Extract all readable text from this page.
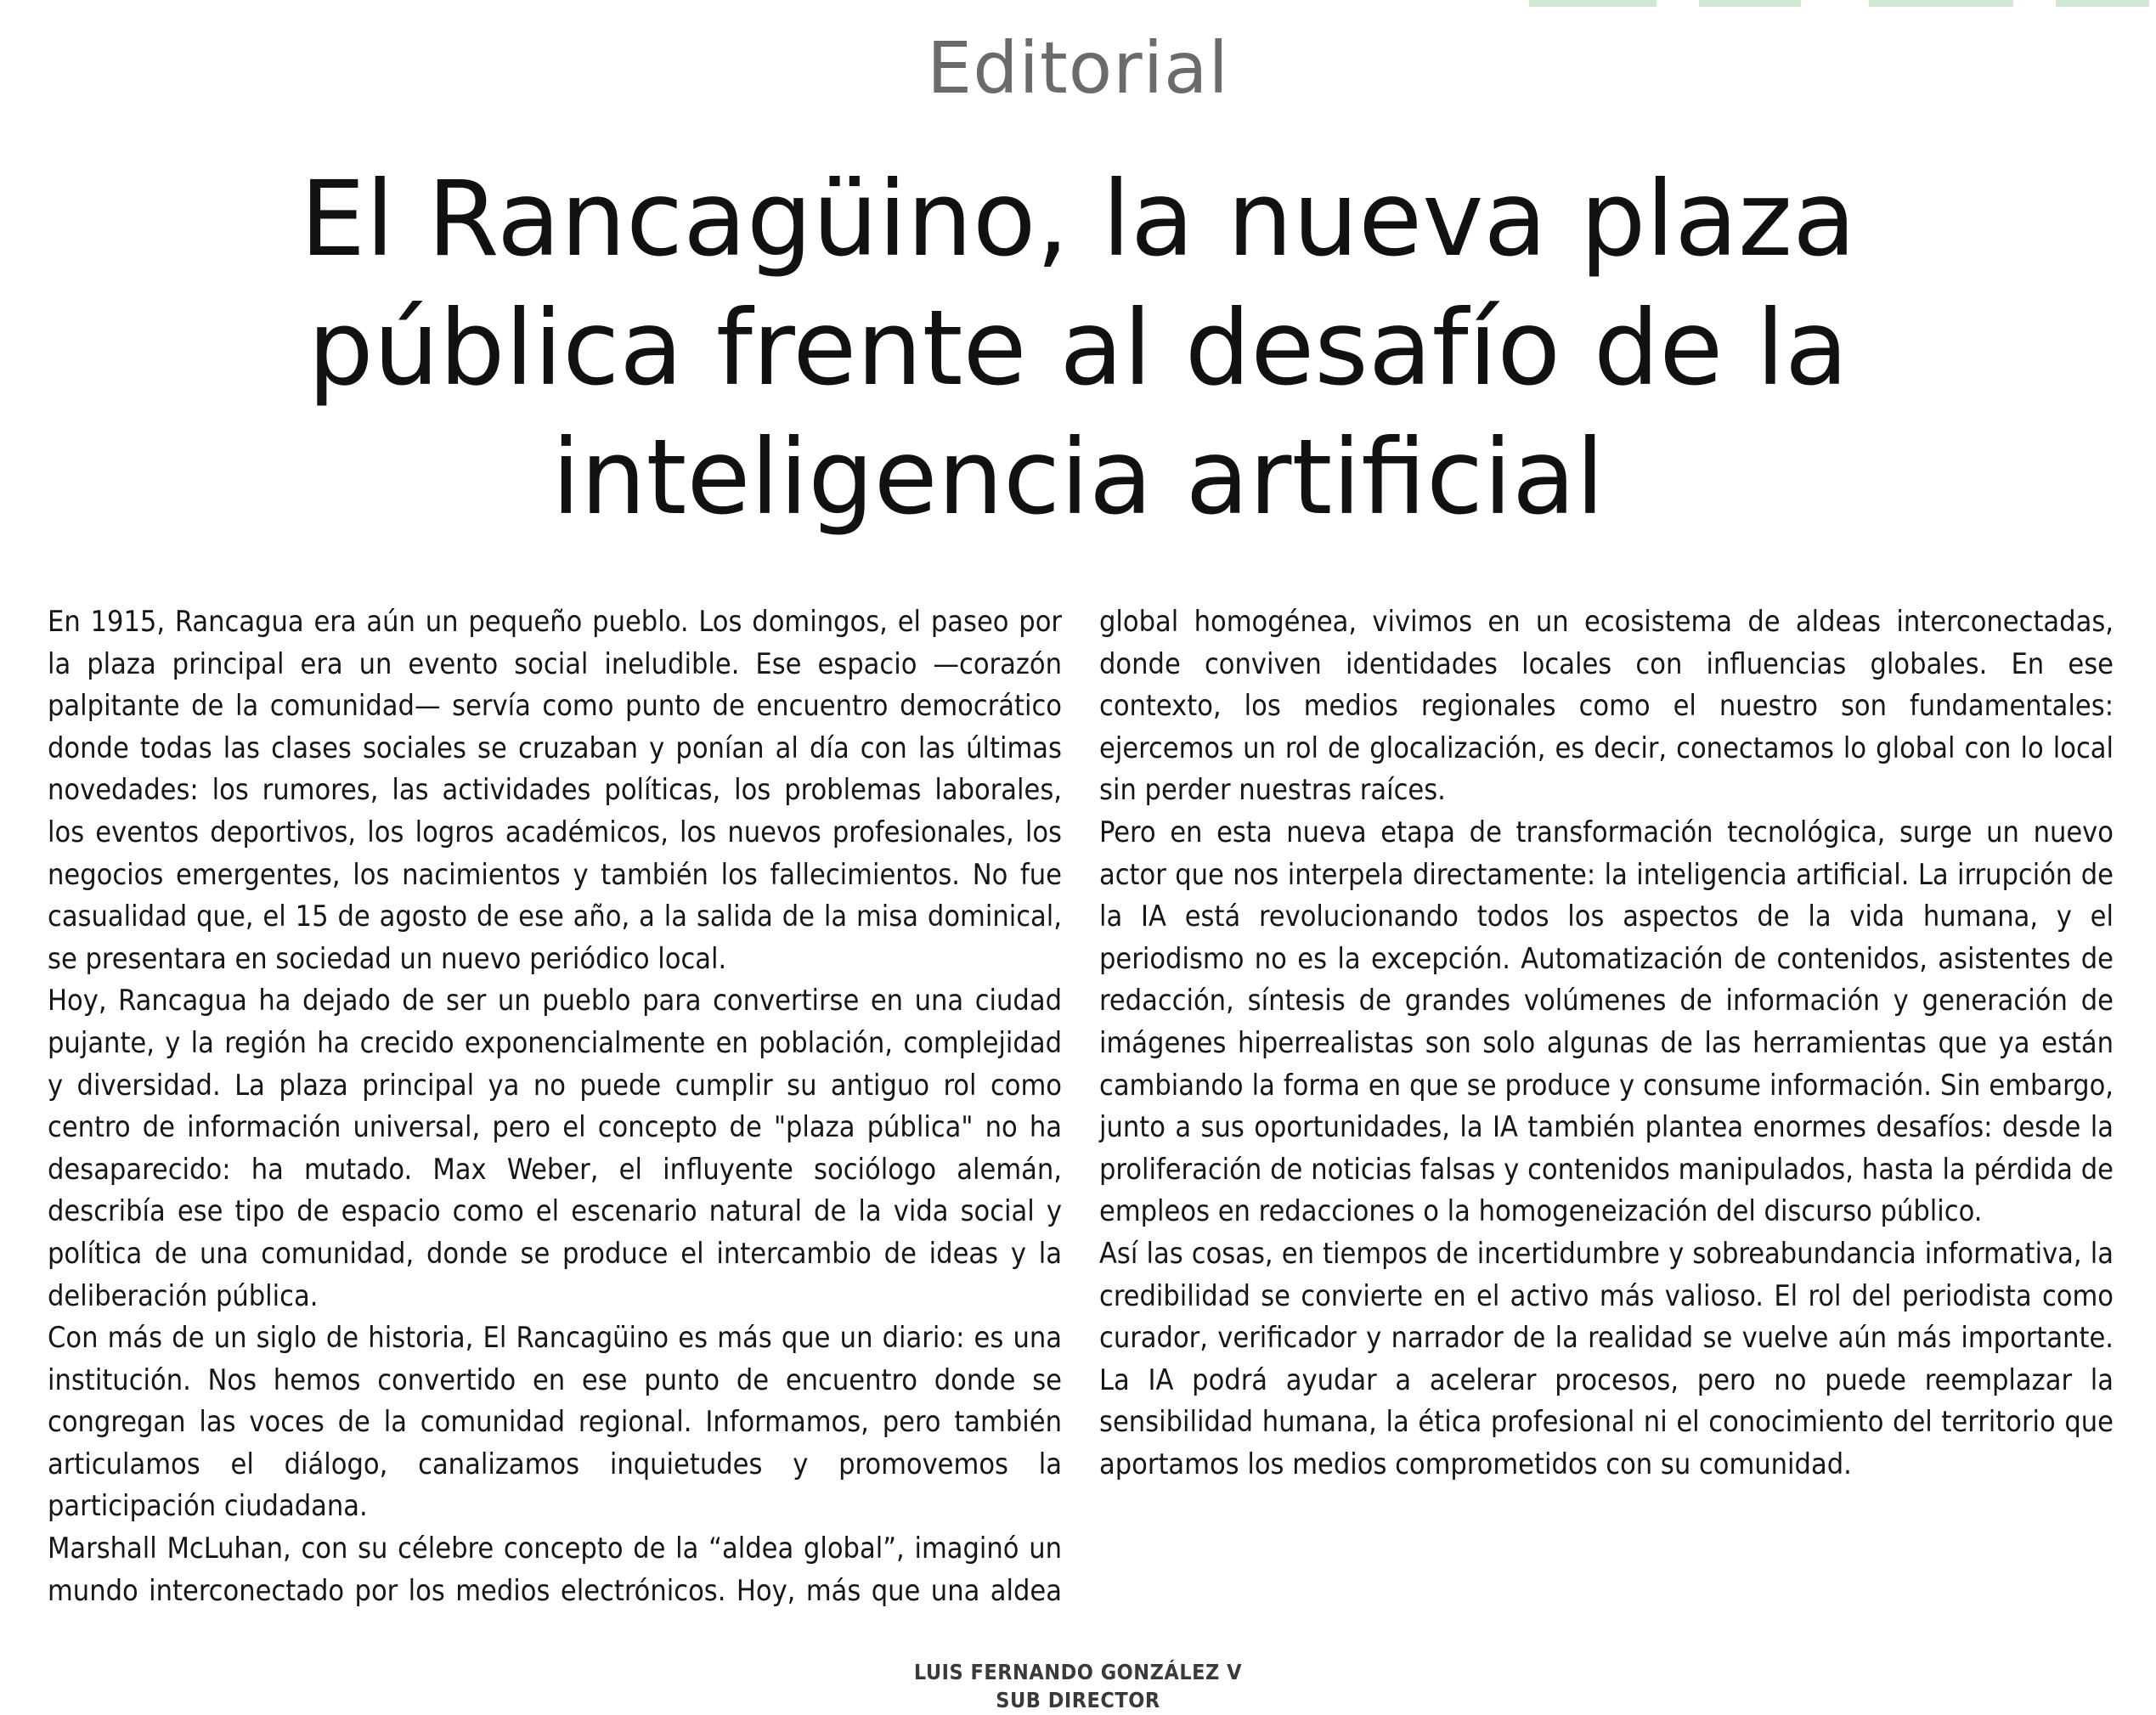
Editorial
El Rancagüino, la nueva plaza pública frente al desafío de la inteligencia artificial

En 1915, Rancagua era aún un pequeño pueblo. Los domingos, el paseo por la plaza principal era un evento social ineludible. Ese espacio —corazón palpitante de la comunidad— servía como punto de encuentro democrático donde todas las clases sociales se cruzaban y ponían al día con las últimas novedades: los rumores, las actividades políticas, los problemas laborales, los eventos deportivos, los logros académicos, los nuevos profesionales, los negocios emergentes, los nacimientos y también los fallecimientos. No fue casualidad que, el 15 de agosto de ese año, a la salida de la misa dominical, se presentara en sociedad un nuevo periódico local.

Hoy, Rancagua ha dejado de ser un pueblo para convertirse en una ciudad pujante, y la región ha crecido exponencialmente en población, complejidad y diversidad. La plaza principal ya no puede cumplir su antiguo rol como centro de información universal, pero el concepto de "plaza pública" no ha desaparecido: ha mutado. Max Weber, el influyente sociólogo alemán, describía ese tipo de espacio como el escenario natural de la vida social y política de una comunidad, donde se produce el intercambio de ideas y la deliberación pública.

Con más de un siglo de historia, El Rancagüino es más que un diario: es una institución. Nos hemos convertido en ese punto de encuentro donde se congregan las voces de la comunidad regional. Informamos, pero también articulamos el diálogo, canalizamos inquietudes y promovemos la participación ciudadana.

Marshall McLuhan, con su célebre concepto de la “aldea global”, imaginó un mundo interconectado por los medios electrónicos. Hoy, más que una aldea global homogénea, vivimos en un ecosistema de aldeas interconectadas, donde conviven identidades locales con influencias globales. En ese contexto, los medios regionales como el nuestro son fundamentales: ejercemos un rol de glocalización, es decir, conectamos lo global con lo local sin perder nuestras raíces.

Pero en esta nueva etapa de transformación tecnológica, surge un nuevo actor que nos interpela directamente: la inteligencia artificial. La irrupción de la IA está revolucionando todos los aspectos de la vida humana, y el periodismo no es la excepción. Automatización de contenidos, asistentes de redacción, síntesis de grandes volúmenes de información y generación de imágenes hiperrealistas son solo algunas de las herramientas que ya están cambiando la forma en que se produce y consume información. Sin embargo, junto a sus oportunidades, la IA también plantea enormes desafíos: desde la proliferación de noticias falsas y contenidos manipulados, hasta la pérdida de empleos en redacciones o la homogeneización del discurso público.

Así las cosas, en tiempos de incertidumbre y sobreabundancia informativa, la credibilidad se convierte en el activo más valioso. El rol del periodista como curador, verificador y narrador de la realidad se vuelve aún más importante. La IA podrá ayudar a acelerar procesos, pero no puede reemplazar la sensibilidad humana, la ética profesional ni el conocimiento del territorio que aportamos los medios comprometidos con su comunidad.

LUIS FERNANDO GONZÁLEZ V
SUB DIRECTOR
